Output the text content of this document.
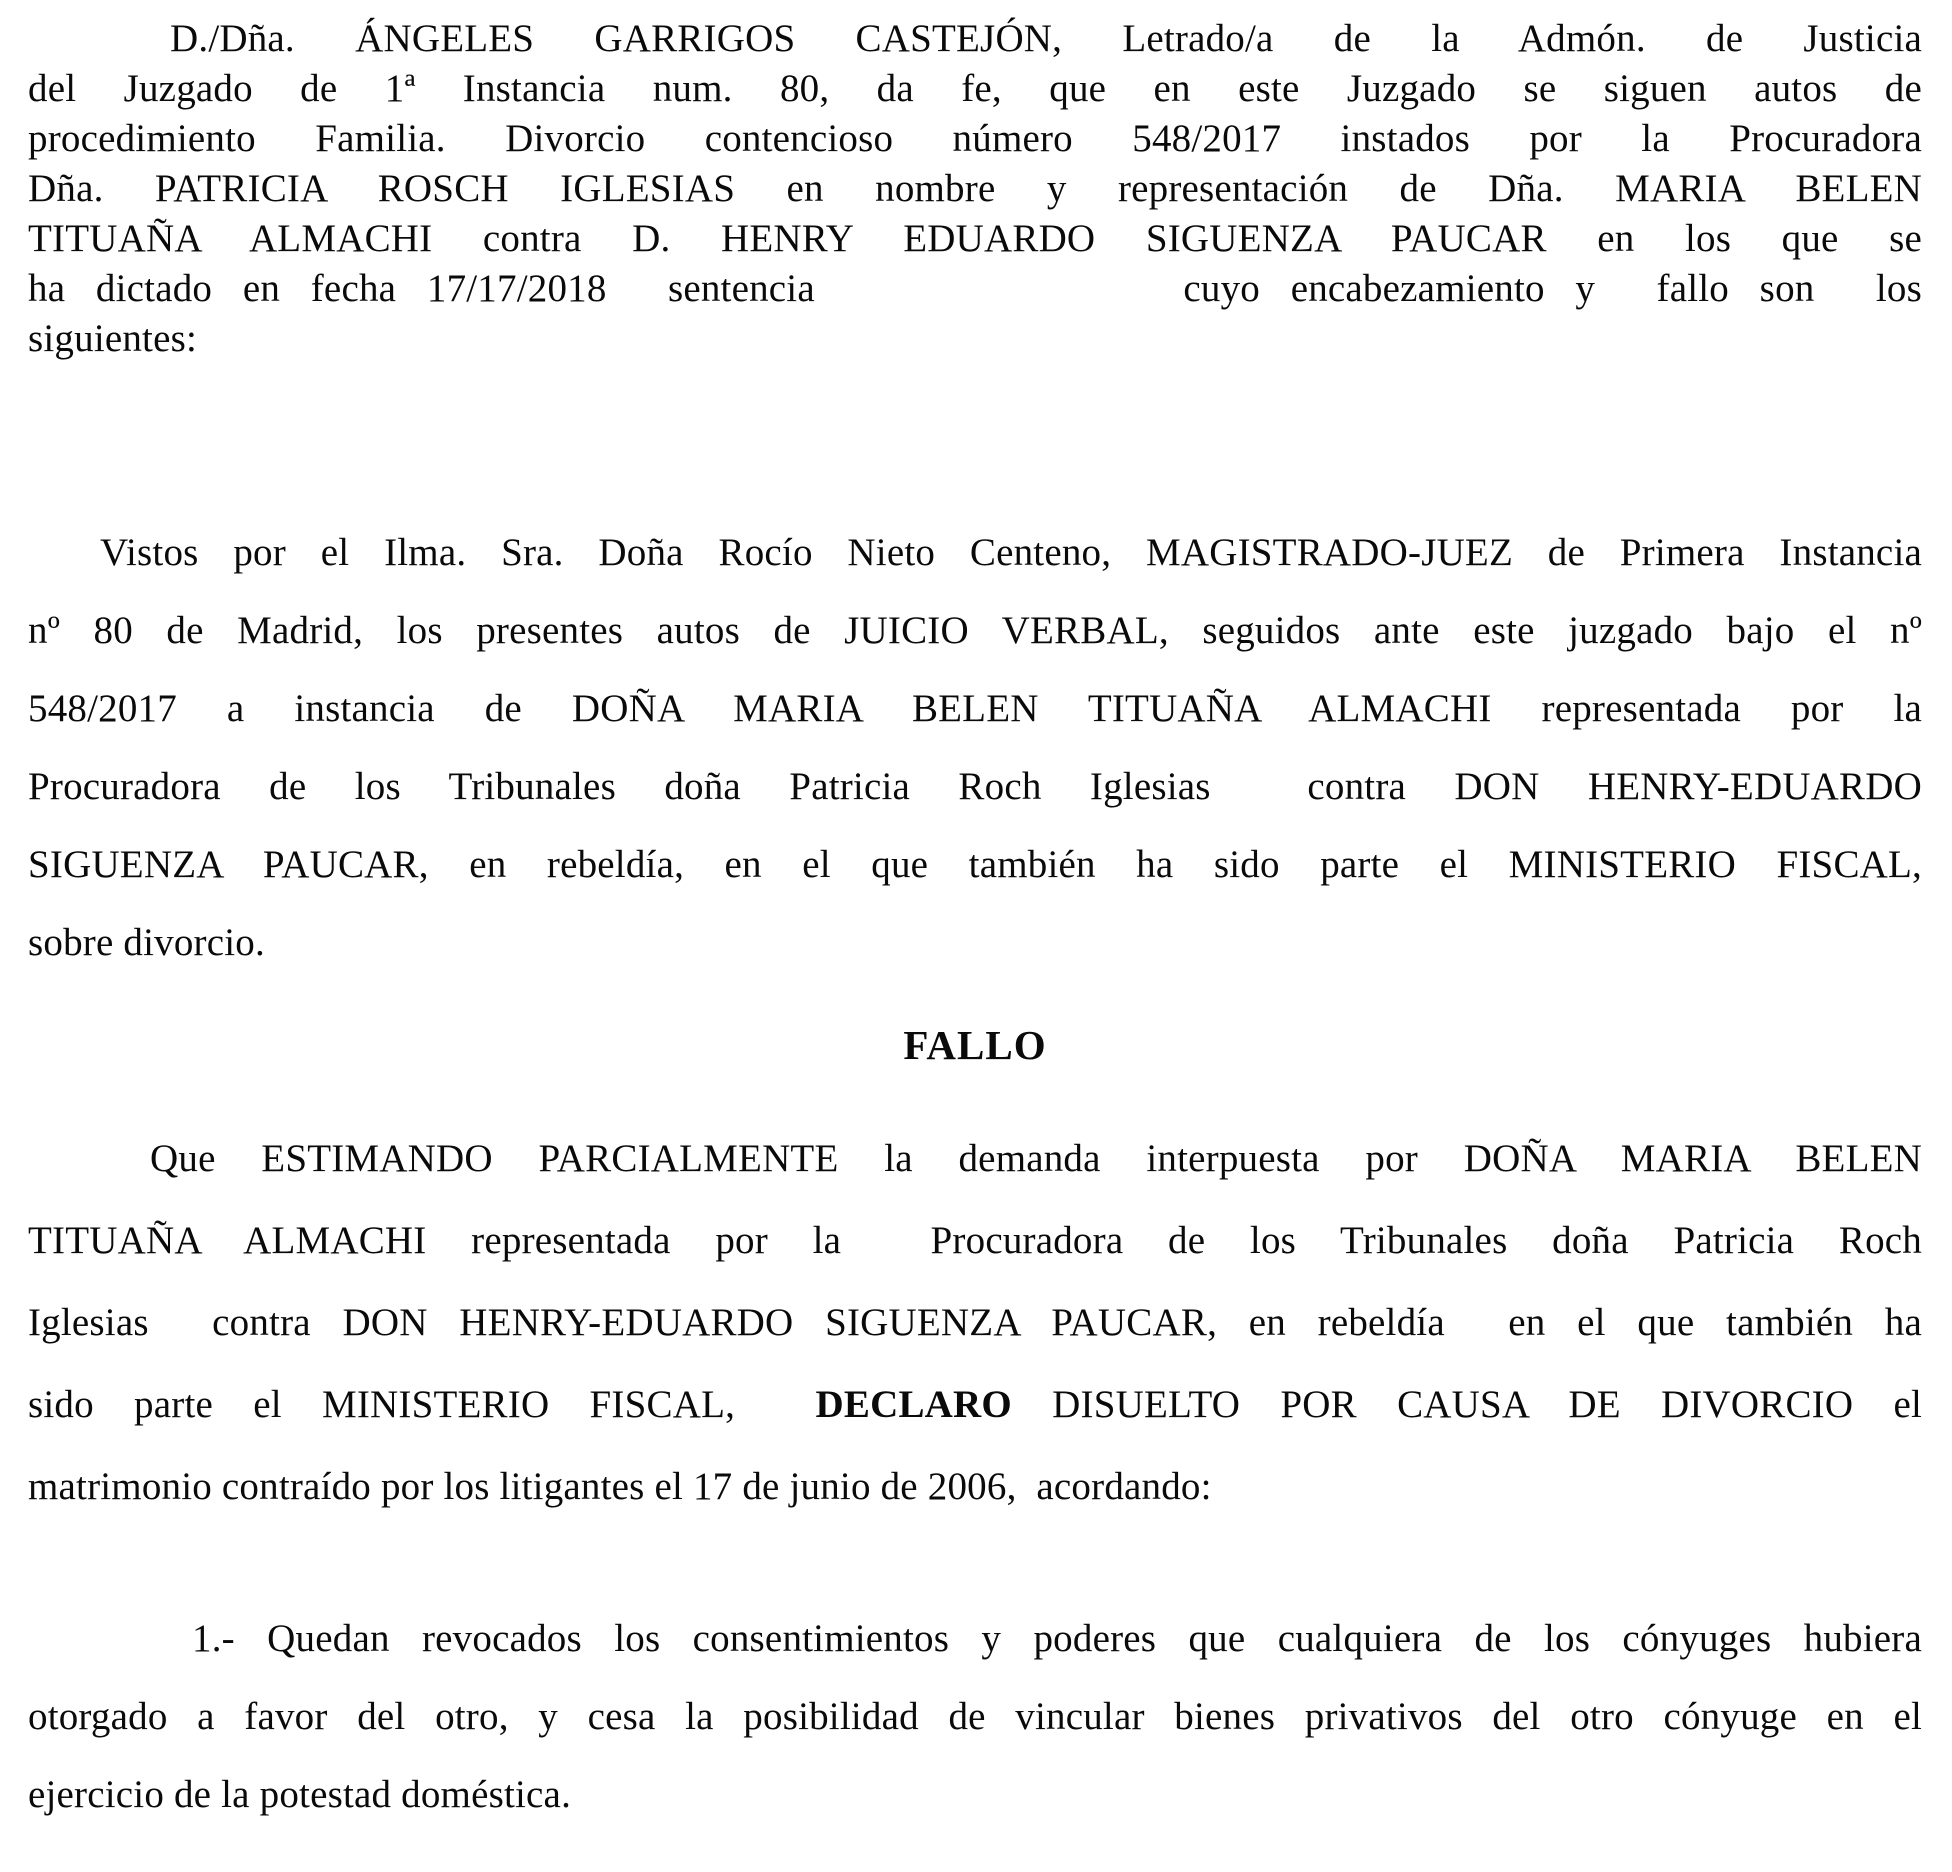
D./Dña. ÁNGELES GARRIGOS CASTEJÓN, Letrado/a de la Admón. de Justicia
del Juzgado de 1ª Instancia num. 80, da fe, que en este Juzgado se siguen autos de
procedimiento Familia. Divorcio contencioso número 548/2017 instados por la Procuradora
Dña. PATRICIA ROSCH IGLESIAS en nombre y representación de Dña. MARIA BELEN
TITUAÑA ALMACHI contra D. HENRY EDUARDO SIGUENZA PAUCAR en los que se
ha dictado en fecha 17/17/2018  sentencia            cuyo encabezamiento y  fallo son  los
siguientes:
Vistos por el Ilma. Sra. Doña Rocío Nieto Centeno, MAGISTRADO-JUEZ de Primera Instancia
nº 80 de Madrid, los presentes autos de JUICIO VERBAL, seguidos ante este juzgado bajo el nº
548/2017 a instancia de DOÑA MARIA BELEN TITUAÑA ALMACHI representada por la
Procuradora de los Tribunales doña Patricia Roch Iglesias  contra DON HENRY-EDUARDO
SIGUENZA PAUCAR, en rebeldía, en el que también ha sido parte el MINISTERIO FISCAL,
sobre divorcio.
FALLO
Que ESTIMANDO PARCIALMENTE la demanda interpuesta por DOÑA MARIA BELEN
TITUAÑA ALMACHI representada por la  Procuradora de los Tribunales doña Patricia Roch
Iglesias  contra DON HENRY-EDUARDO SIGUENZA PAUCAR, en rebeldía  en el que también ha
sido parte el MINISTERIO FISCAL,  DECLARO DISUELTO POR CAUSA DE DIVORCIO el
matrimonio contraído por los litigantes el 17 de junio de 2006,  acordando:
1.- Quedan revocados los consentimientos y poderes que cualquiera de los cónyuges hubiera
otorgado a favor del otro, y cesa la posibilidad de vincular bienes privativos del otro cónyuge en el
ejercicio de la potestad doméstica.
